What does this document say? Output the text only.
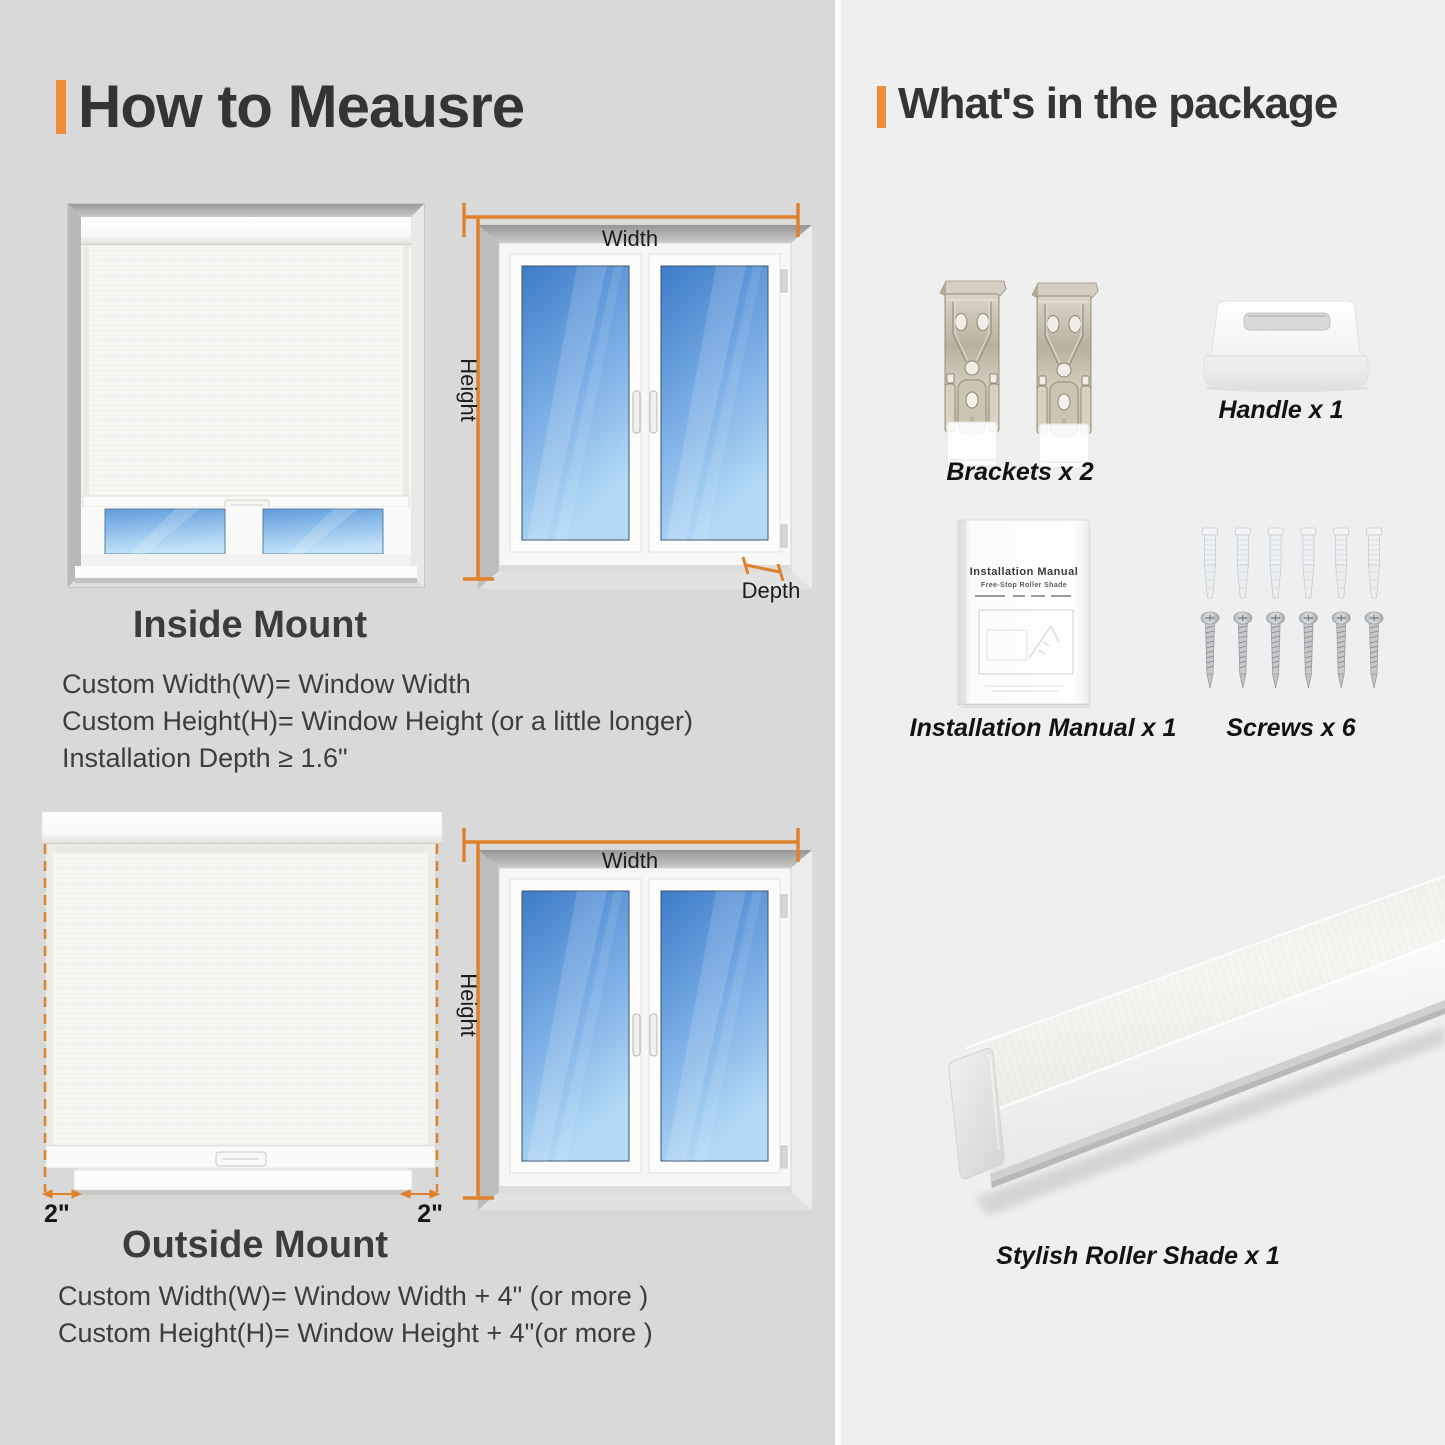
How to Meausre
Inside Mount
Width
Height
Depth
Custom Width(W)= Window Width
Custom Height(H)= Window Height (or a little longer)
Installation Depth ≥ 1.6"
2"	2"
Outside Mount
Width
Height
Custom Width(W)= Window Width + 4" (or more )
Custom Height(H)= Window Height + 4"(or more )
What's in the package
Brackets x 2
Handle x 1
Installation Manual
Free-Stop Roller Shade
Installation Manual x 1	Screws x 6
Stylish Roller Shade x 1
